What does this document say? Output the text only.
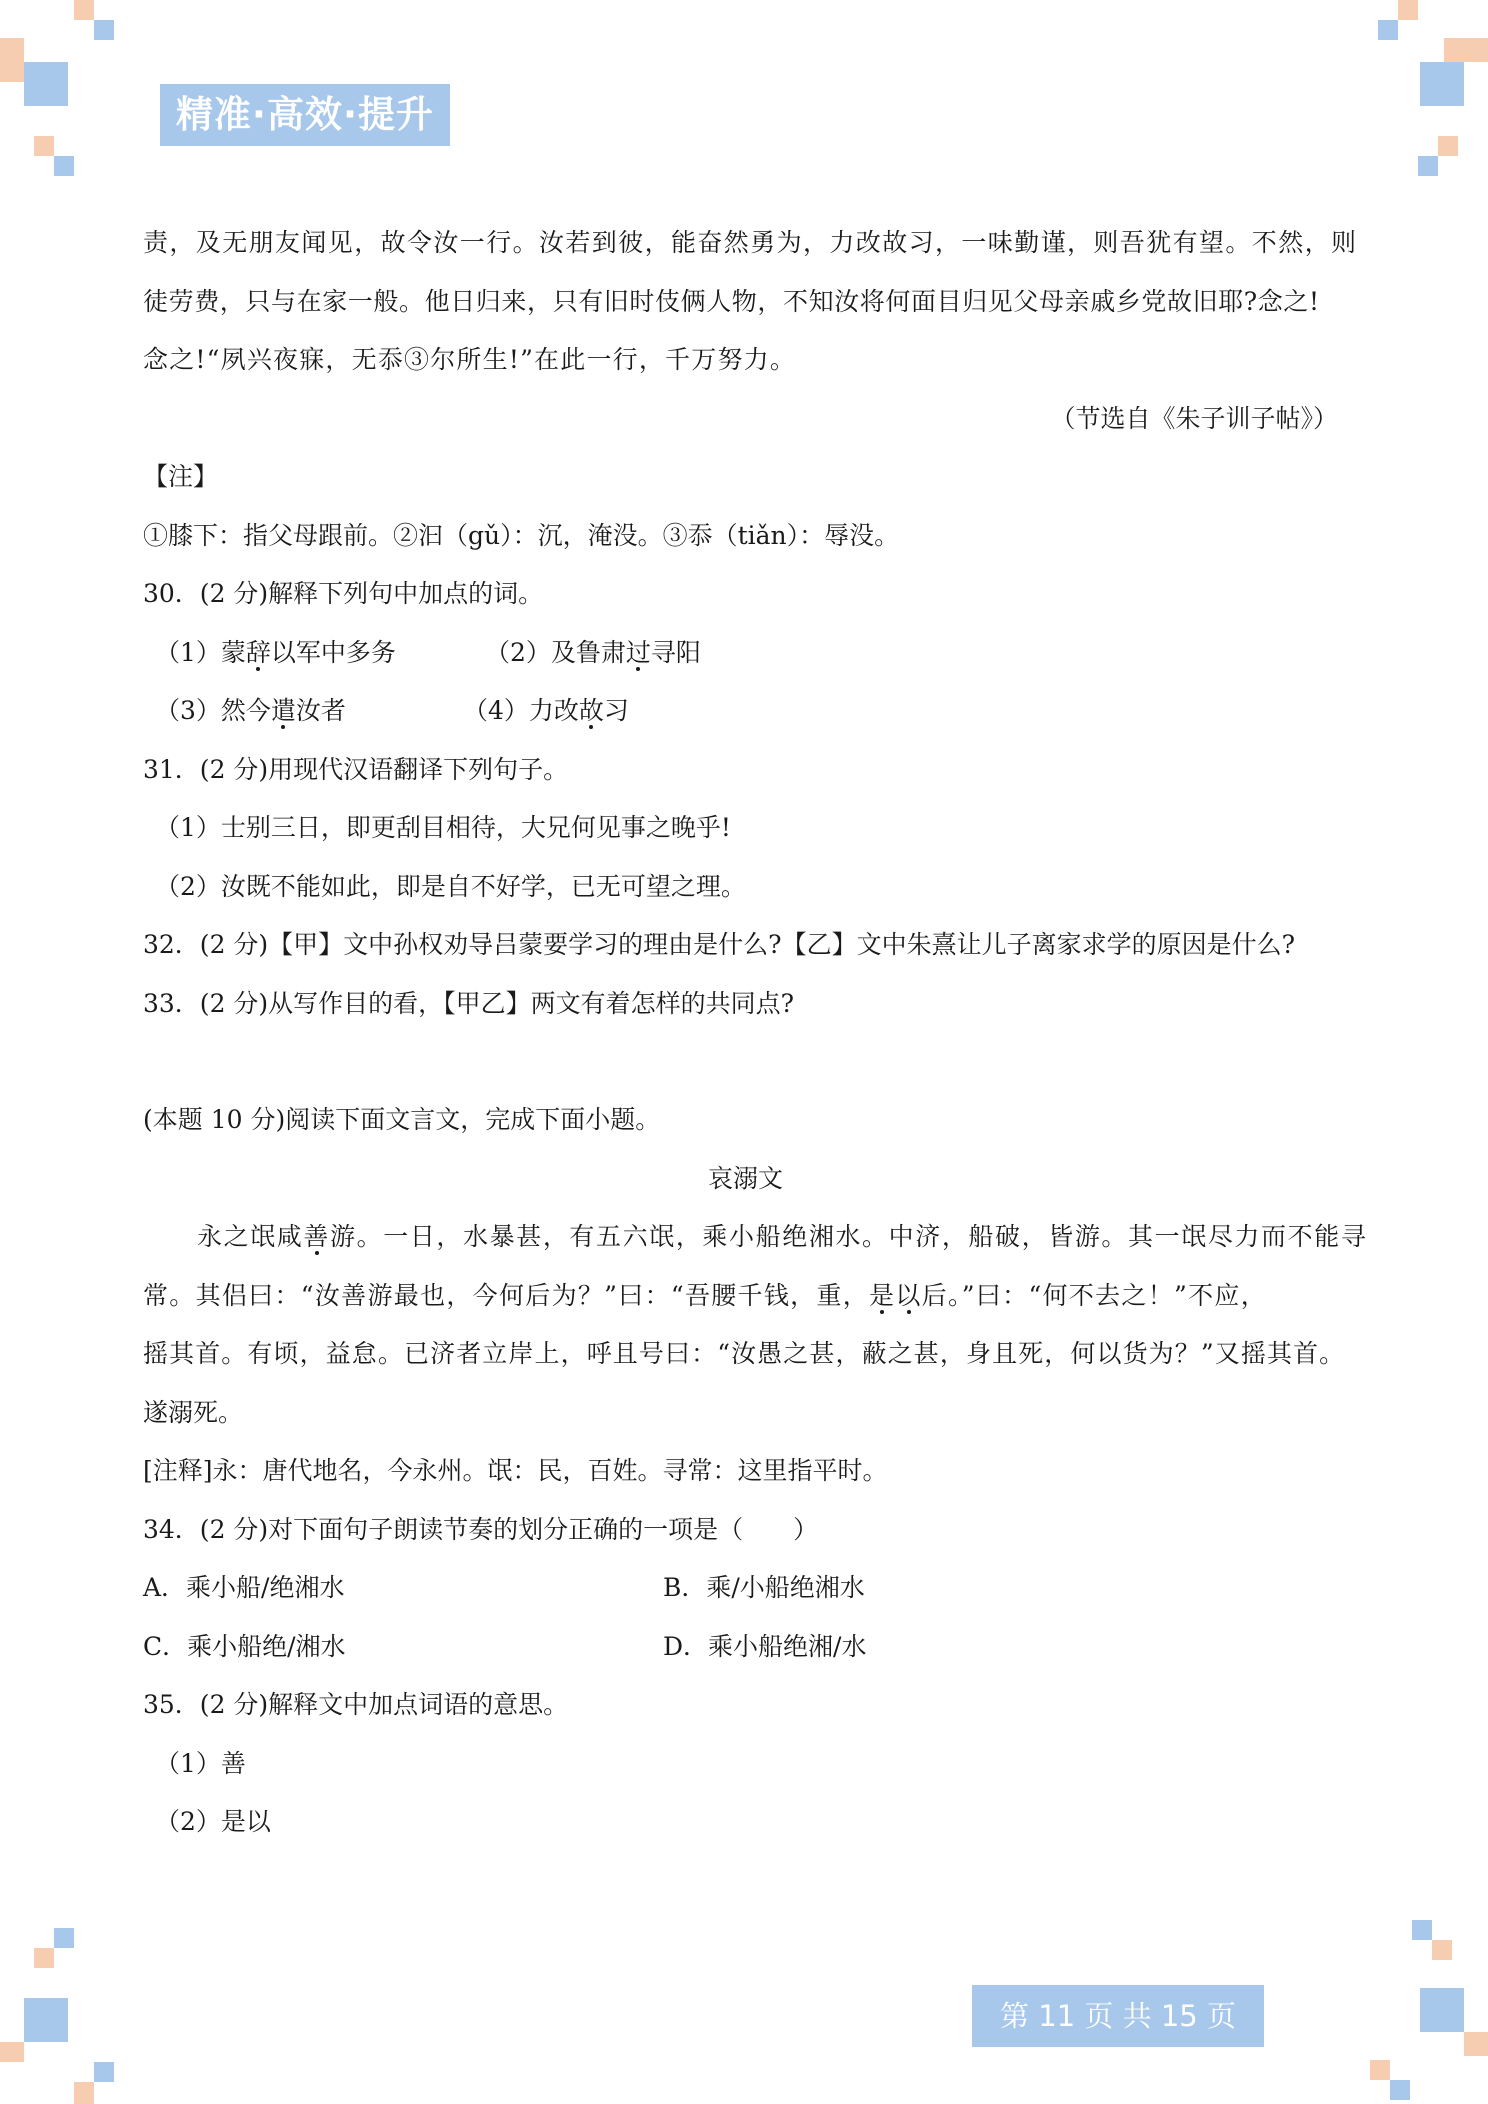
精准·高效·提升
责，及无朋友闻见，故令汝一行。汝若到彼，能奋然勇为，力改故习，一味勤谨，则吾犹有望。不然，则
徒劳费，只与在家一般。他日归来，只有旧时伎俩人物，不知汝将何面目归见父母亲戚乡党故旧耶?念之!
念之!“夙兴夜寐，无忝③尔所生!”在此一行，千万努力。
（节选自《朱子训子帖》）
【注】
①膝下：指父母跟前。②汩（gǔ）：沉，淹没。③忝（tiǎn）：辱没。
30．(2 分)解释下列句中加点的词。
（1）蒙辞以军中多务	（2）及鲁肃过寻阳
（3）然今遣汝者	（4）力改故习
31．(2 分)用现代汉语翻译下列句子。
（1）士别三日，即更刮目相待，大兄何见事之晚乎!
（2）汝既不能如此，即是自不好学，已无可望之理。
32．(2 分)【甲】文中孙权劝导吕蒙要学习的理由是什么?【乙】文中朱熹让儿子离家求学的原因是什么?
33．(2 分)从写作目的看，【甲乙】两文有着怎样的共同点?
(本题 10 分)阅读下面文言文，完成下面小题。
哀溺文
永之氓咸善游。一日，水暴甚，有五六氓，乘小船绝湘水。中济，船破，皆游。其一氓尽力而不能寻
常。其侣曰：“汝善游最也，今何后为？”曰：“吾腰千钱，重，是以后。”曰：“何不去之！”不应，
摇其首。有顷，益怠。已济者立岸上，呼且号曰：“汝愚之甚，蔽之甚，身且死，何以货为？”又摇其首。
遂溺死。
[注释]永：唐代地名，今永州。氓：民，百姓。寻常：这里指平时。
34．(2 分)对下面句子朗读节奏的划分正确的一项是（　　）
A．乘小船/绝湘水	B．乘/小船绝湘水
C．乘小船绝/湘水	D．乘小船绝湘/水
35．(2 分)解释文中加点词语的意思。
（1）善
（2）是以
第 11 页 共 15 页
